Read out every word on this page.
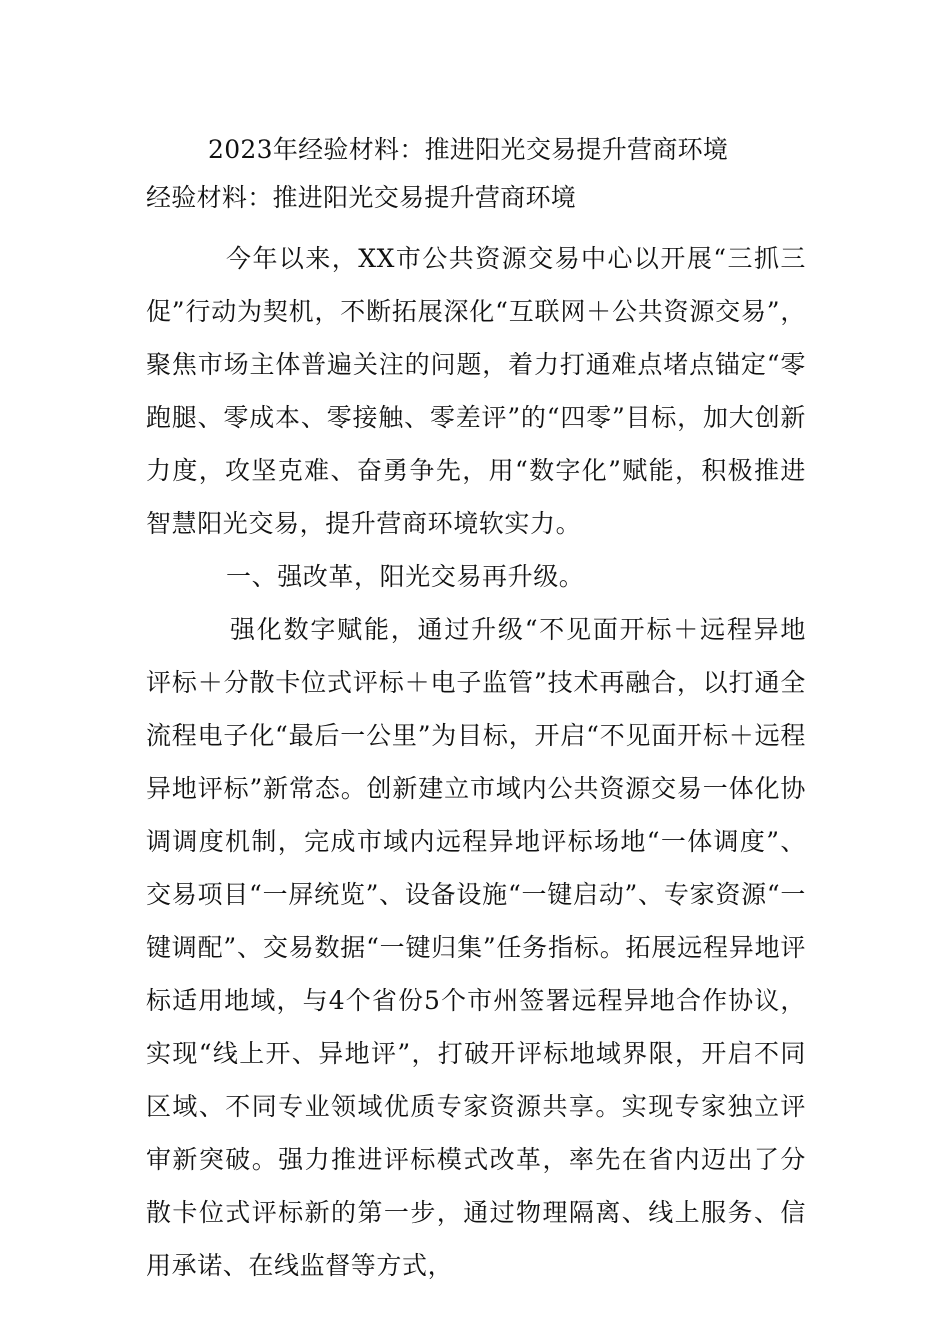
2023年经验材料：推进阳光交易提升营商环境
经验材料：推进阳光交易提升营商环境

今年以来，XX市公共资源交易中心以开展“三抓三促”行动为契机，不断拓展深化“互联网＋公共资源交易”，聚焦市场主体普遍关注的问题，着力打通难点堵点锚定“零跑腿、零成本、零接触、零差评”的“四零”目标，加大创新力度，攻坚克难、奋勇争先，用“数字化”赋能，积极推进智慧阳光交易，提升营商环境软实力。

一、强改革，阳光交易再升级。

强化数字赋能，通过升级“不见面开标＋远程异地评标＋分散卡位式评标＋电子监管”技术再融合，以打通全流程电子化“最后一公里”为目标，开启“不见面开标＋远程异地评标”新常态。创新建立市域内公共资源交易一体化协调调度机制，完成市域内远程异地评标场地“一体调度”、交易项目“一屏统览”、设备设施“一键启动”、专家资源“一键调配”、交易数据“一键归集”任务指标。拓展远程异地评标适用地域，与4个省份5个市州签署远程异地合作协议，实现“线上开、异地评”，打破开评标地域界限，开启不同区域、不同专业领域优质专家资源共享。实现专家独立评审新突破。强力推进评标模式改革，率先在省内迈出了分散卡位式评标新的第一步，通过物理隔离、线上服务、信用承诺、在线监督等方式，
